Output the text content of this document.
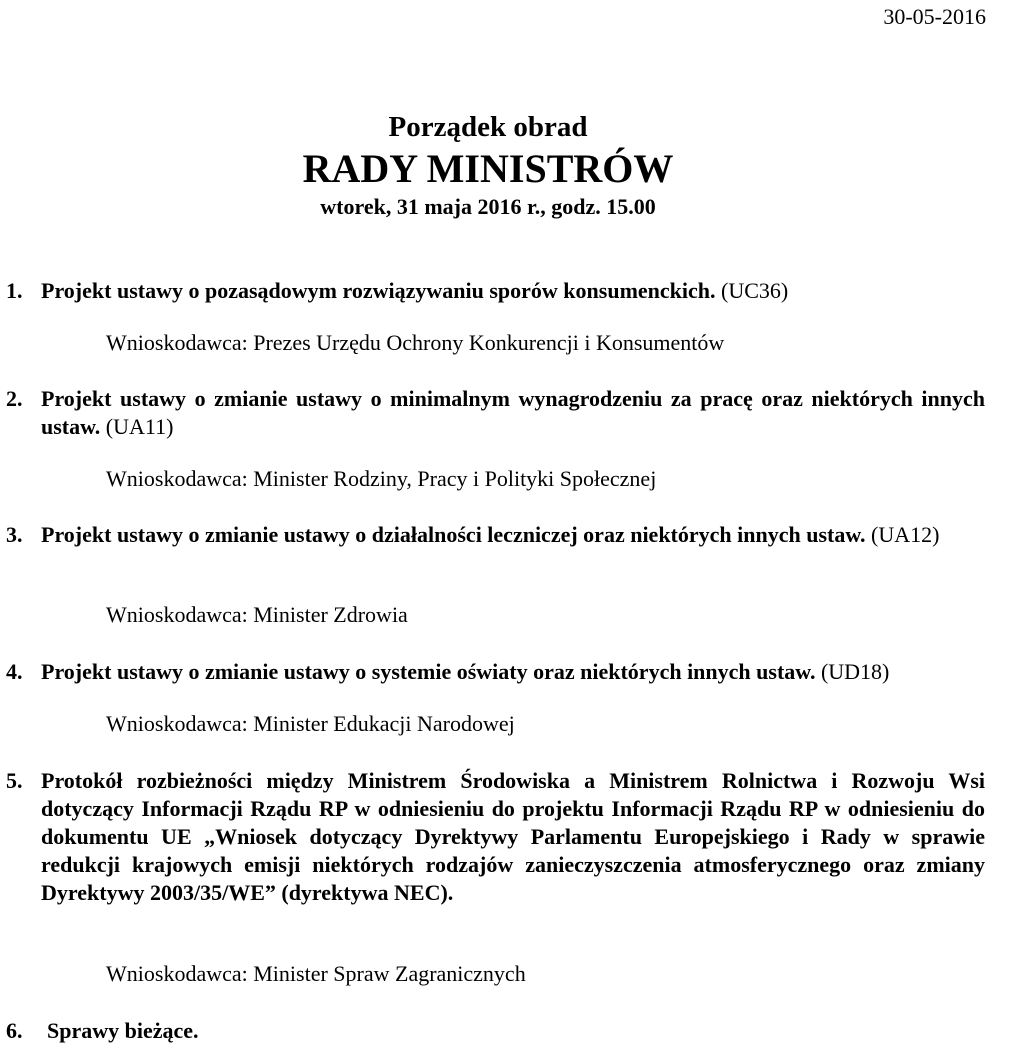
30-05-2016
Porządek obrad
RADY MINISTRÓW
wtorek, 31 maja 2016 r., godz. 15.00
1. Projekt ustawy o pozasądowym rozwiązywaniu sporów konsumenckich. (UC36)
Wnioskodawca: Prezes Urzędu Ochrony Konkurencji i Konsumentów
2. Projekt ustawy o zmianie ustawy o minimalnym wynagrodzeniu za pracę oraz niektórych innych ustaw. (UA11)
Wnioskodawca: Minister Rodziny, Pracy i Polityki Społecznej
3. Projekt ustawy o zmianie ustawy o działalności leczniczej oraz niektórych innych ustaw. (UA12)
Wnioskodawca: Minister Zdrowia
4. Projekt ustawy o zmianie ustawy o systemie oświaty oraz niektórych innych ustaw. (UD18)
Wnioskodawca: Minister Edukacji Narodowej
5. Protokół rozbieżności między Ministrem Środowiska a Ministrem Rolnictwa i Rozwoju Wsi dotyczący Informacji Rządu RP w odniesieniu do projektu Informacji Rządu RP w odniesieniu do dokumentu UE „Wniosek dotyczący Dyrektywy Parlamentu Europejskiego i Rady w sprawie redukcji krajowych emisji niektórych rodzajów zanieczyszczenia atmosferycznego oraz zmiany Dyrektywy 2003/35/WE” (dyrektywa NEC).
Wnioskodawca: Minister Spraw Zagranicznych
6. Sprawy bieżące.
